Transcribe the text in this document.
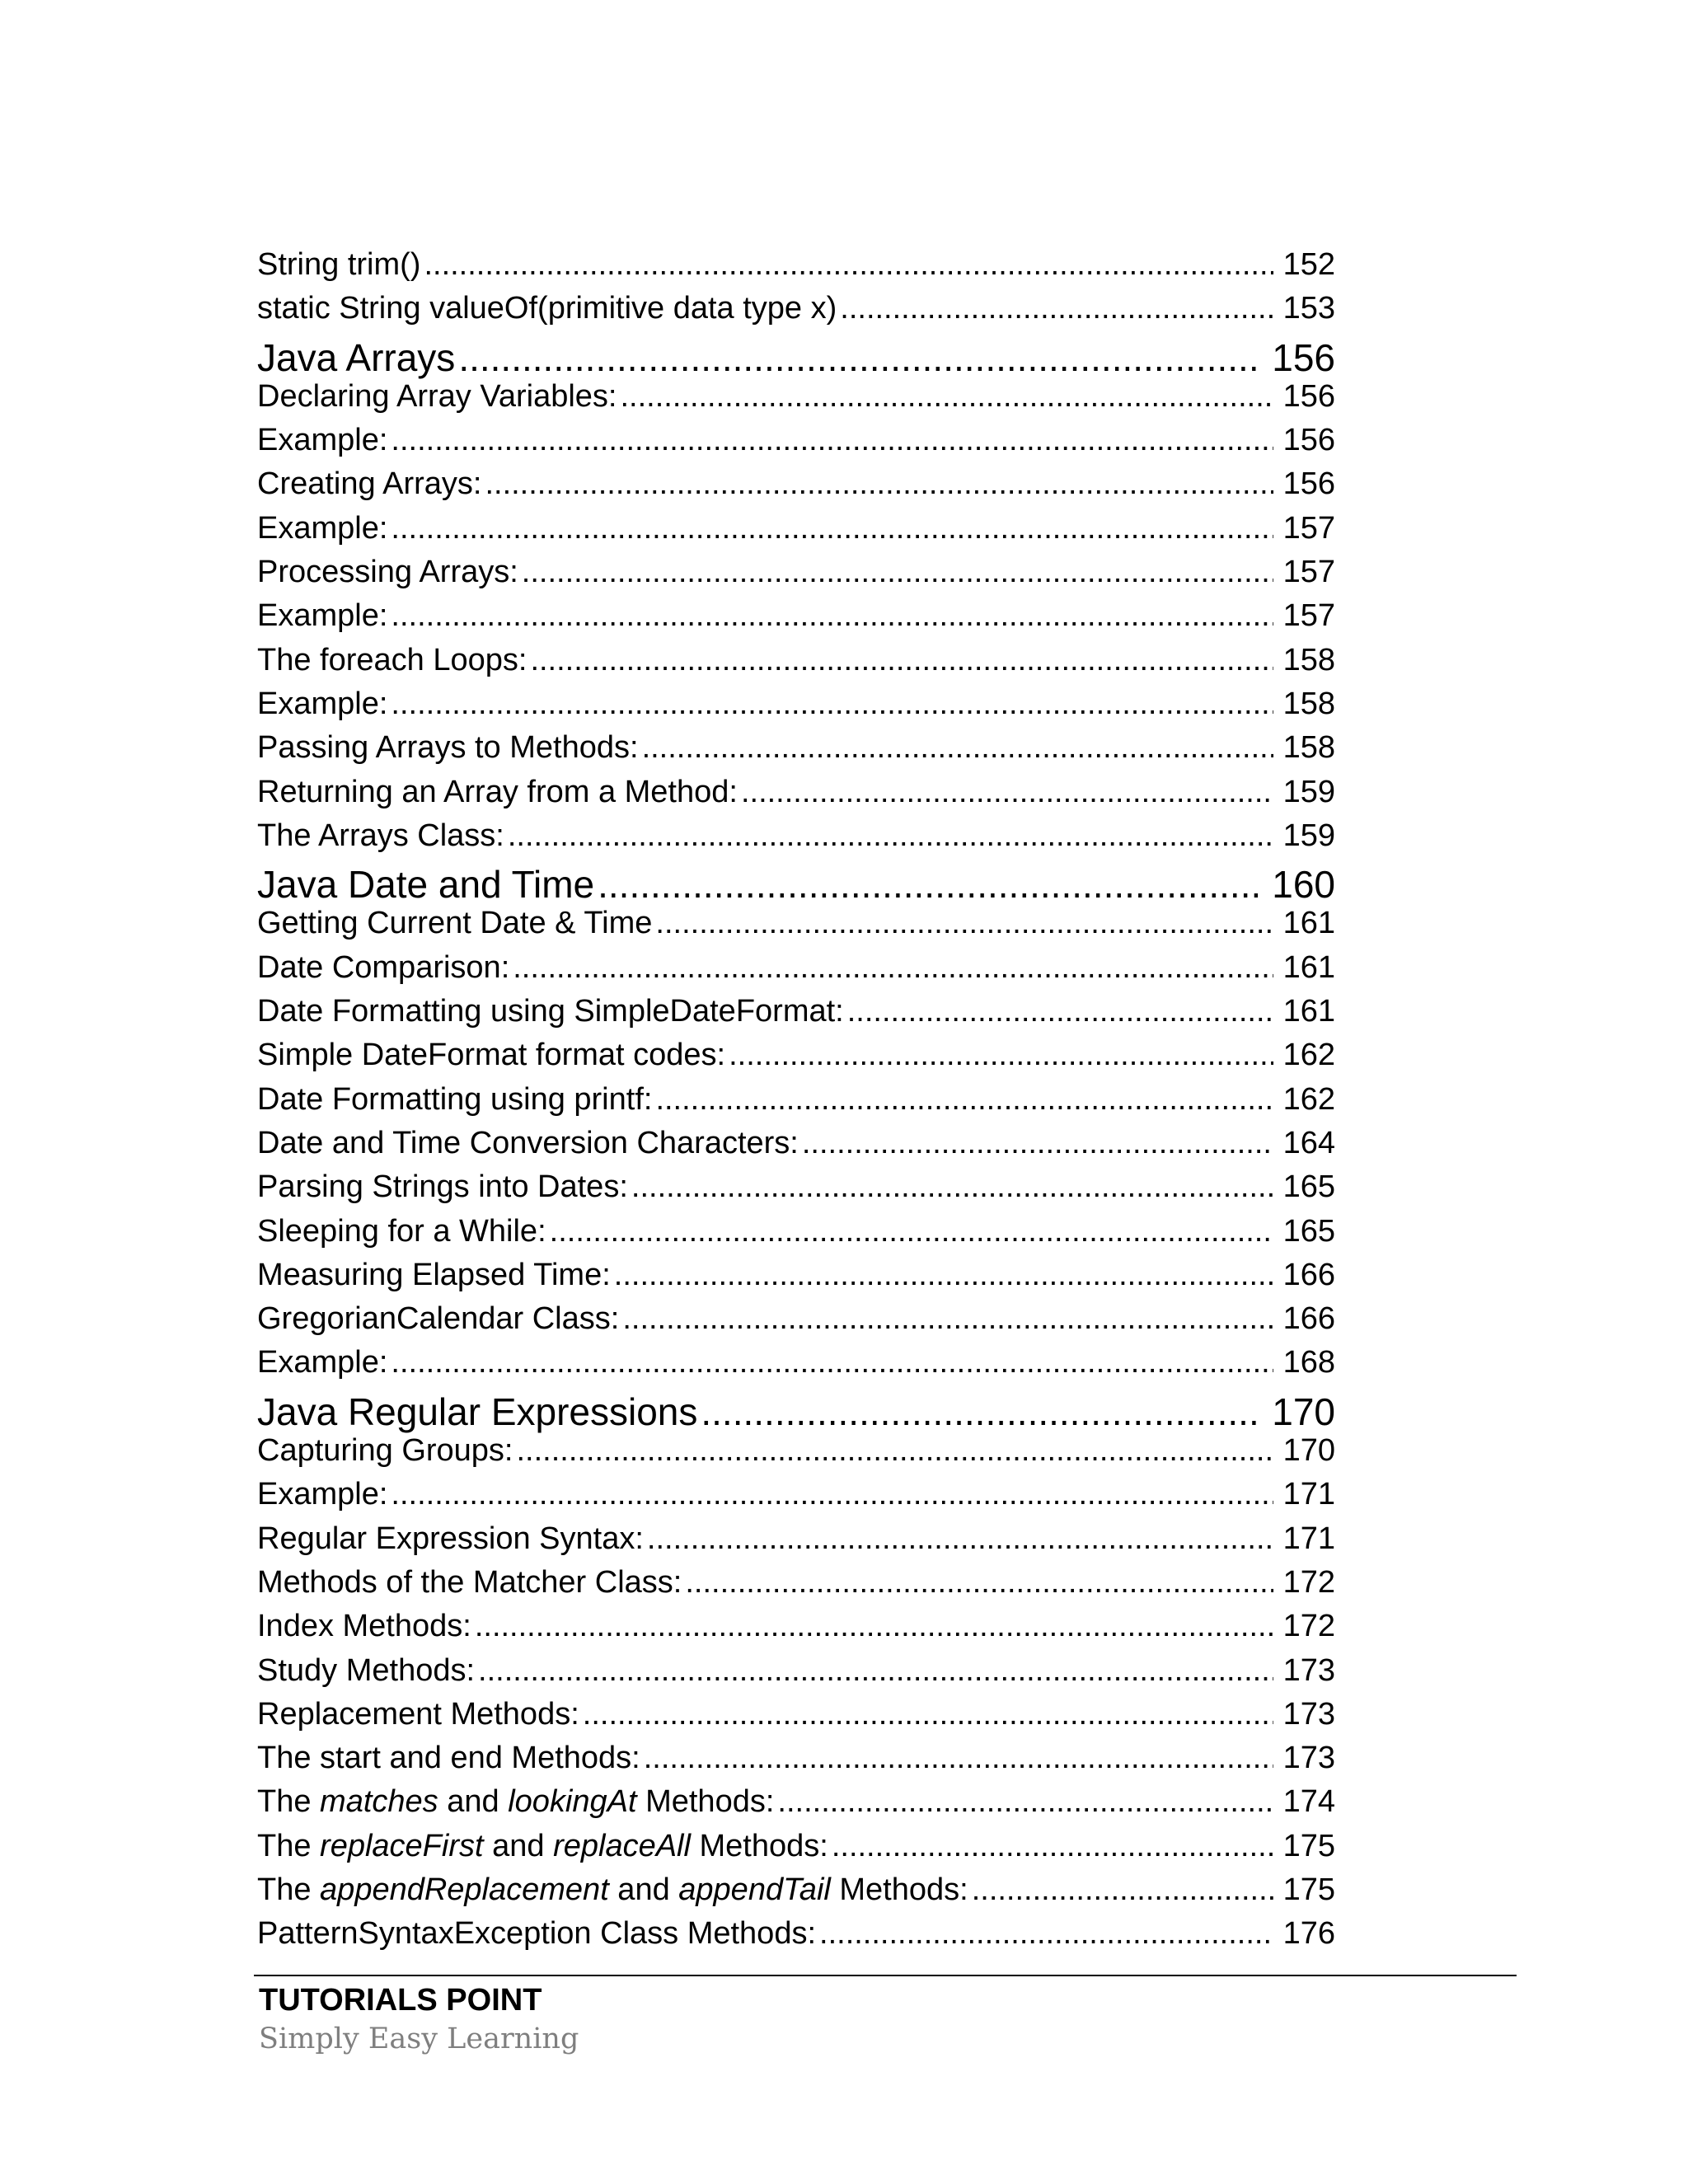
String trim() .....	152
static String valueOf(primitive data type x) .....	153
Java Arrays .....	156
Declaring Array Variables: .....	156
Example: .....	156
Creating Arrays: .....	156
Example: .....	157
Processing Arrays: .....	157
Example: .....	157
The foreach Loops: .....	158
Example: .....	158
Passing Arrays to Methods: .....	158
Returning an Array from a Method: .....	159
The Arrays Class: .....	159
Java Date and Time .....	160
Getting Current Date & Time .....	161
Date Comparison: .....	161
Date Formatting using SimpleDateFormat: .....	161
Simple DateFormat format codes: .....	162
Date Formatting using printf: .....	162
Date and Time Conversion Characters: .....	164
Parsing Strings into Dates: .....	165
Sleeping for a While: .....	165
Measuring Elapsed Time: .....	166
GregorianCalendar Class: .....	166
Example: .....	168
Java Regular Expressions .....	170
Capturing Groups: .....	170
Example: .....	171
Regular Expression Syntax: .....	171
Methods of the Matcher Class: .....	172
Index Methods: .....	172
Study Methods: .....	173
Replacement Methods: .....	173
The start and end Methods: .....	173
The matches and lookingAt Methods: .....	174
The replaceFirst and replaceAll Methods: .....	175
The appendReplacement and appendTail Methods: .....	175
PatternSyntaxException Class Methods: .....	176
TUTORIALS POINT
Simply Easy Learning
